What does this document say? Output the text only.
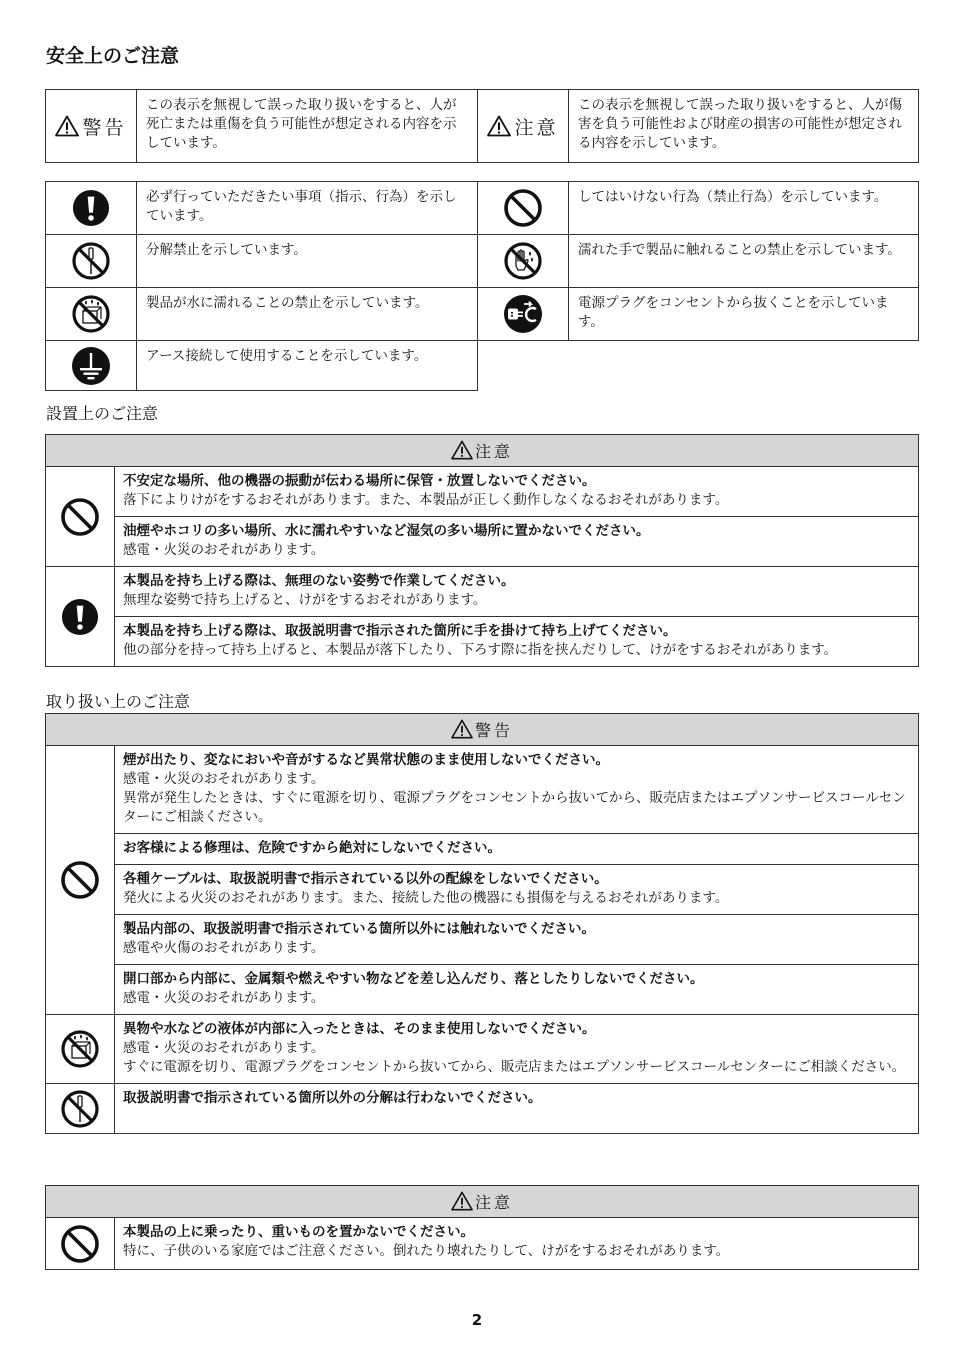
安全上のご注意
警告	この表示を無視して誤った取り扱いをすると、人が死亡または重傷を負う可能性が想定される内容を示しています。	注意	この表示を無視して誤った取り扱いをすると、人が傷害を負う可能性および財産の損害の可能性が想定される内容を示しています。
	必ず行っていただきたい事項（指示、行為）を示しています。		してはいけない行為（禁止行為）を示しています。

	分解禁止を示しています。		濡れた手で製品に触れることの禁止を示しています。

	製品が水に濡れることの禁止を示しています。		電源プラグをコンセントから抜くことを示しています。

	アース接続して使用することを示しています。		
設置上のご注意
注意	

不安定な場所、他の機器の振動が伝わる場所に保管・放置しないでください。
落下によりけがをするおそれがあります。また、本製品が正しく動作しなくなるおそれがあります。

	油煙やホコリの多い場所、水に濡れやすいなど湿気の多い場所に置かないでください。
感電・火災のおそれがあります。

本製品を持ち上げる際は、無理のない姿勢で作業してください。
無理な姿勢で持ち上げると、けがをするおそれがあります。

	本製品を持ち上げる際は、取扱説明書で指示された箇所に手を掛けて持ち上げてください。
他の部分を持って持ち上げると、本製品が落下したり、下ろす際に指を挟んだりして、けがをするおそれがあります。
取り扱い上のご注意
警告	

煙が出たり、変なにおいや音がするなど異常状態のまま使用しないでください。
感電・火災のおそれがあります。
異常が発生したときは、すぐに電源を切り、電源プラグをコンセントから抜いてから、販売店またはエプソンサービスコールセンターにご相談ください。

	お客様による修理は、危険ですから絶対にしないでください。

	各種ケーブルは、取扱説明書で指示されている以外の配線をしないでください。
発火による火災のおそれがあります。また、接続した他の機器にも損傷を与えるおそれがあります。

	製品内部の、取扱説明書で指示されている箇所以外には触れないでください。
感電や火傷のおそれがあります。

	開口部から内部に、金属類や燃えやすい物などを差し込んだり、落としたりしないでください。
感電・火災のおそれがあります。

異物や水などの液体が内部に入ったときは、そのまま使用しないでください。
感電・火災のおそれがあります。
すぐに電源を切り、電源プラグをコンセントから抜いてから、販売店またはエプソンサービスコールセンターにご相談ください。

取扱説明書で指示されている箇所以外の分解は行わないでください。
注意

本製品の上に乗ったり、重いものを置かないでください。
特に、子供のいる家庭ではご注意ください。倒れたり壊れたりして、けがをするおそれがあります。
2
